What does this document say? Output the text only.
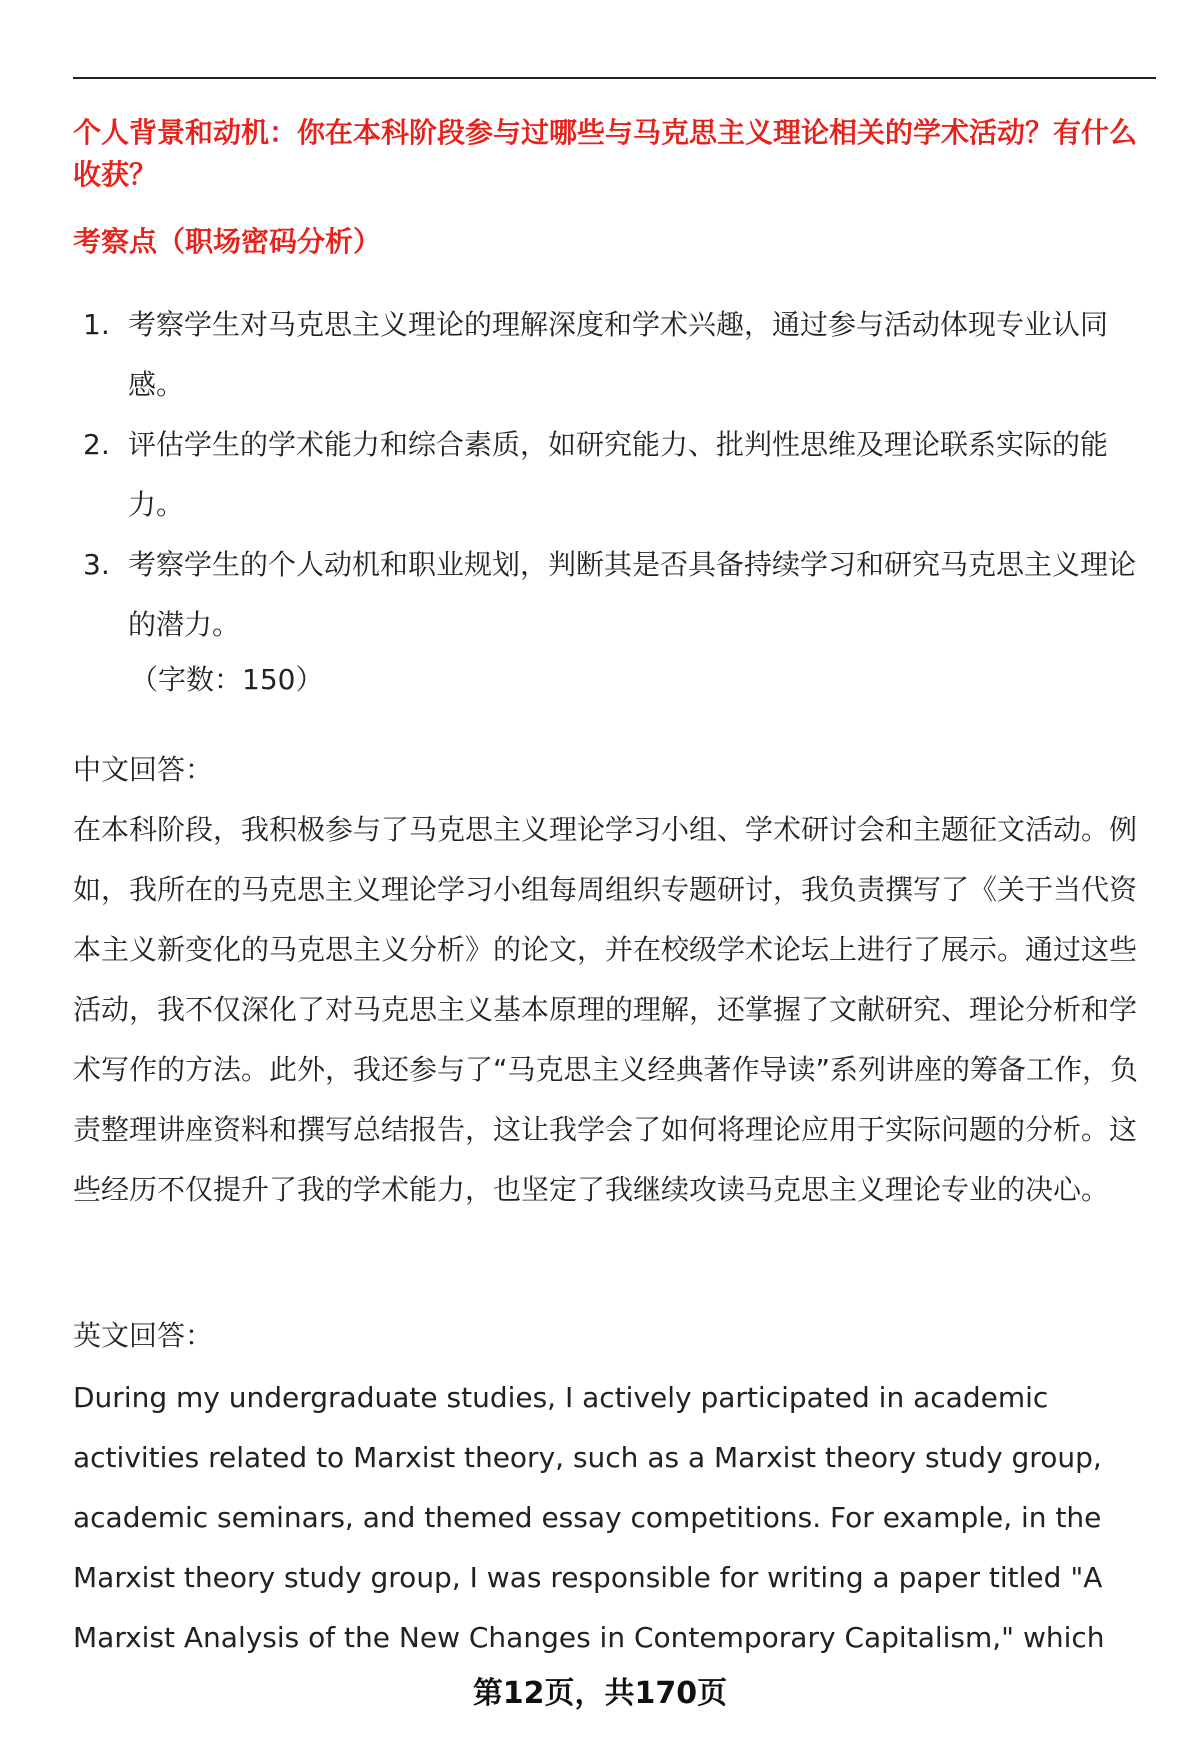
个人背景和动机：你在本科阶段参与过哪些与马克思主义理论相关的学术活动？有什么收获？
考察点（职场密码分析）
1. 考察学生对马克思主义理论的理解深度和学术兴趣，通过参与活动体现专业认同感。
2. 评估学生的学术能力和综合素质，如研究能力、批判性思维及理论联系实际的能力。
3. 考察学生的个人动机和职业规划，判断其是否具备持续学习和研究马克思主义理论的潜力。
（字数：150）
中文回答：

在本科阶段，我积极参与了马克思主义理论学习小组、学术研讨会和主题征文活动。例如，我所在的马克思主义理论学习小组每周组织专题研讨，我负责撰写了《关于当代资本主义新变化的马克思主义分析》的论文，并在校级学术论坛上进行了展示。通过这些活动，我不仅深化了对马克思主义基本原理的理解，还掌握了文献研究、理论分析和学术写作的方法。此外，我还参与了“马克思主义经典著作导读”系列讲座的筹备工作，负责整理讲座资料和撰写总结报告，这让我学会了如何将理论应用于实际问题的分析。这些经历不仅提升了我的学术能力，也坚定了我继续攻读马克思主义理论专业的决心。

英文回答：

During my undergraduate studies, I actively participated in academic activities related to Marxist theory, such as a Marxist theory study group, academic seminars, and themed essay competitions. For example, in the Marxist theory study group, I was responsible for writing a paper titled "A Marxist Analysis of the New Changes in Contemporary Capitalism," which

第12页，共170页
